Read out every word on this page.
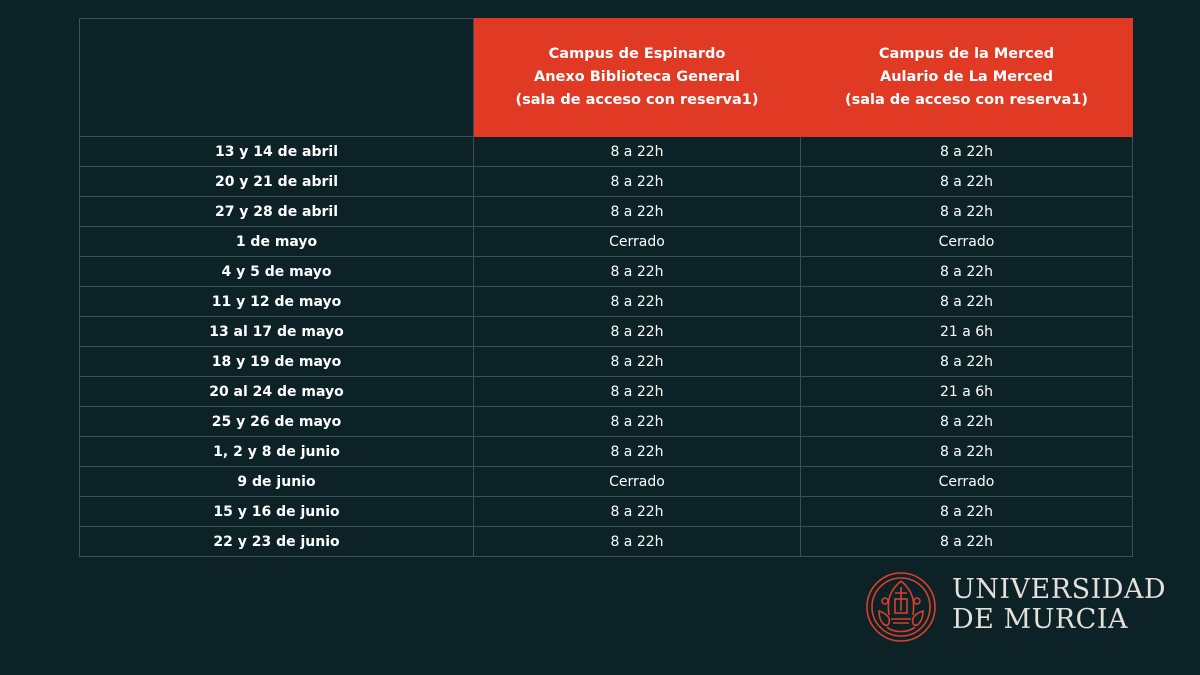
	Campus de Espinardo
Anexo Biblioteca General
(sala de acceso con reserva1)	Campus de la Merced
Aulario de La Merced
(sala de acceso con reserva1)

13 y 14 de abril	8 a 22h	8 a 22h
20 y 21 de abril	8 a 22h	8 a 22h
27 y 28 de abril	8 a 22h	8 a 22h
1 de mayo	Cerrado	Cerrado
4 y 5 de mayo	8 a 22h	8 a 22h
11 y 12 de mayo	8 a 22h	8 a 22h
13 al 17 de mayo	8 a 22h	21 a 6h
18 y 19 de mayo	8 a 22h	8 a 22h
20 al 24 de mayo	8 a 22h	21 a 6h
25 y 26 de mayo	8 a 22h	8 a 22h
1, 2 y 8 de junio	8 a 22h	8 a 22h
9 de junio	Cerrado	Cerrado
15 y 16 de junio	8 a 22h	8 a 22h
22 y 23 de junio	8 a 22h	8 a 22h
UNIVERSIDAD
DE MURCIA
